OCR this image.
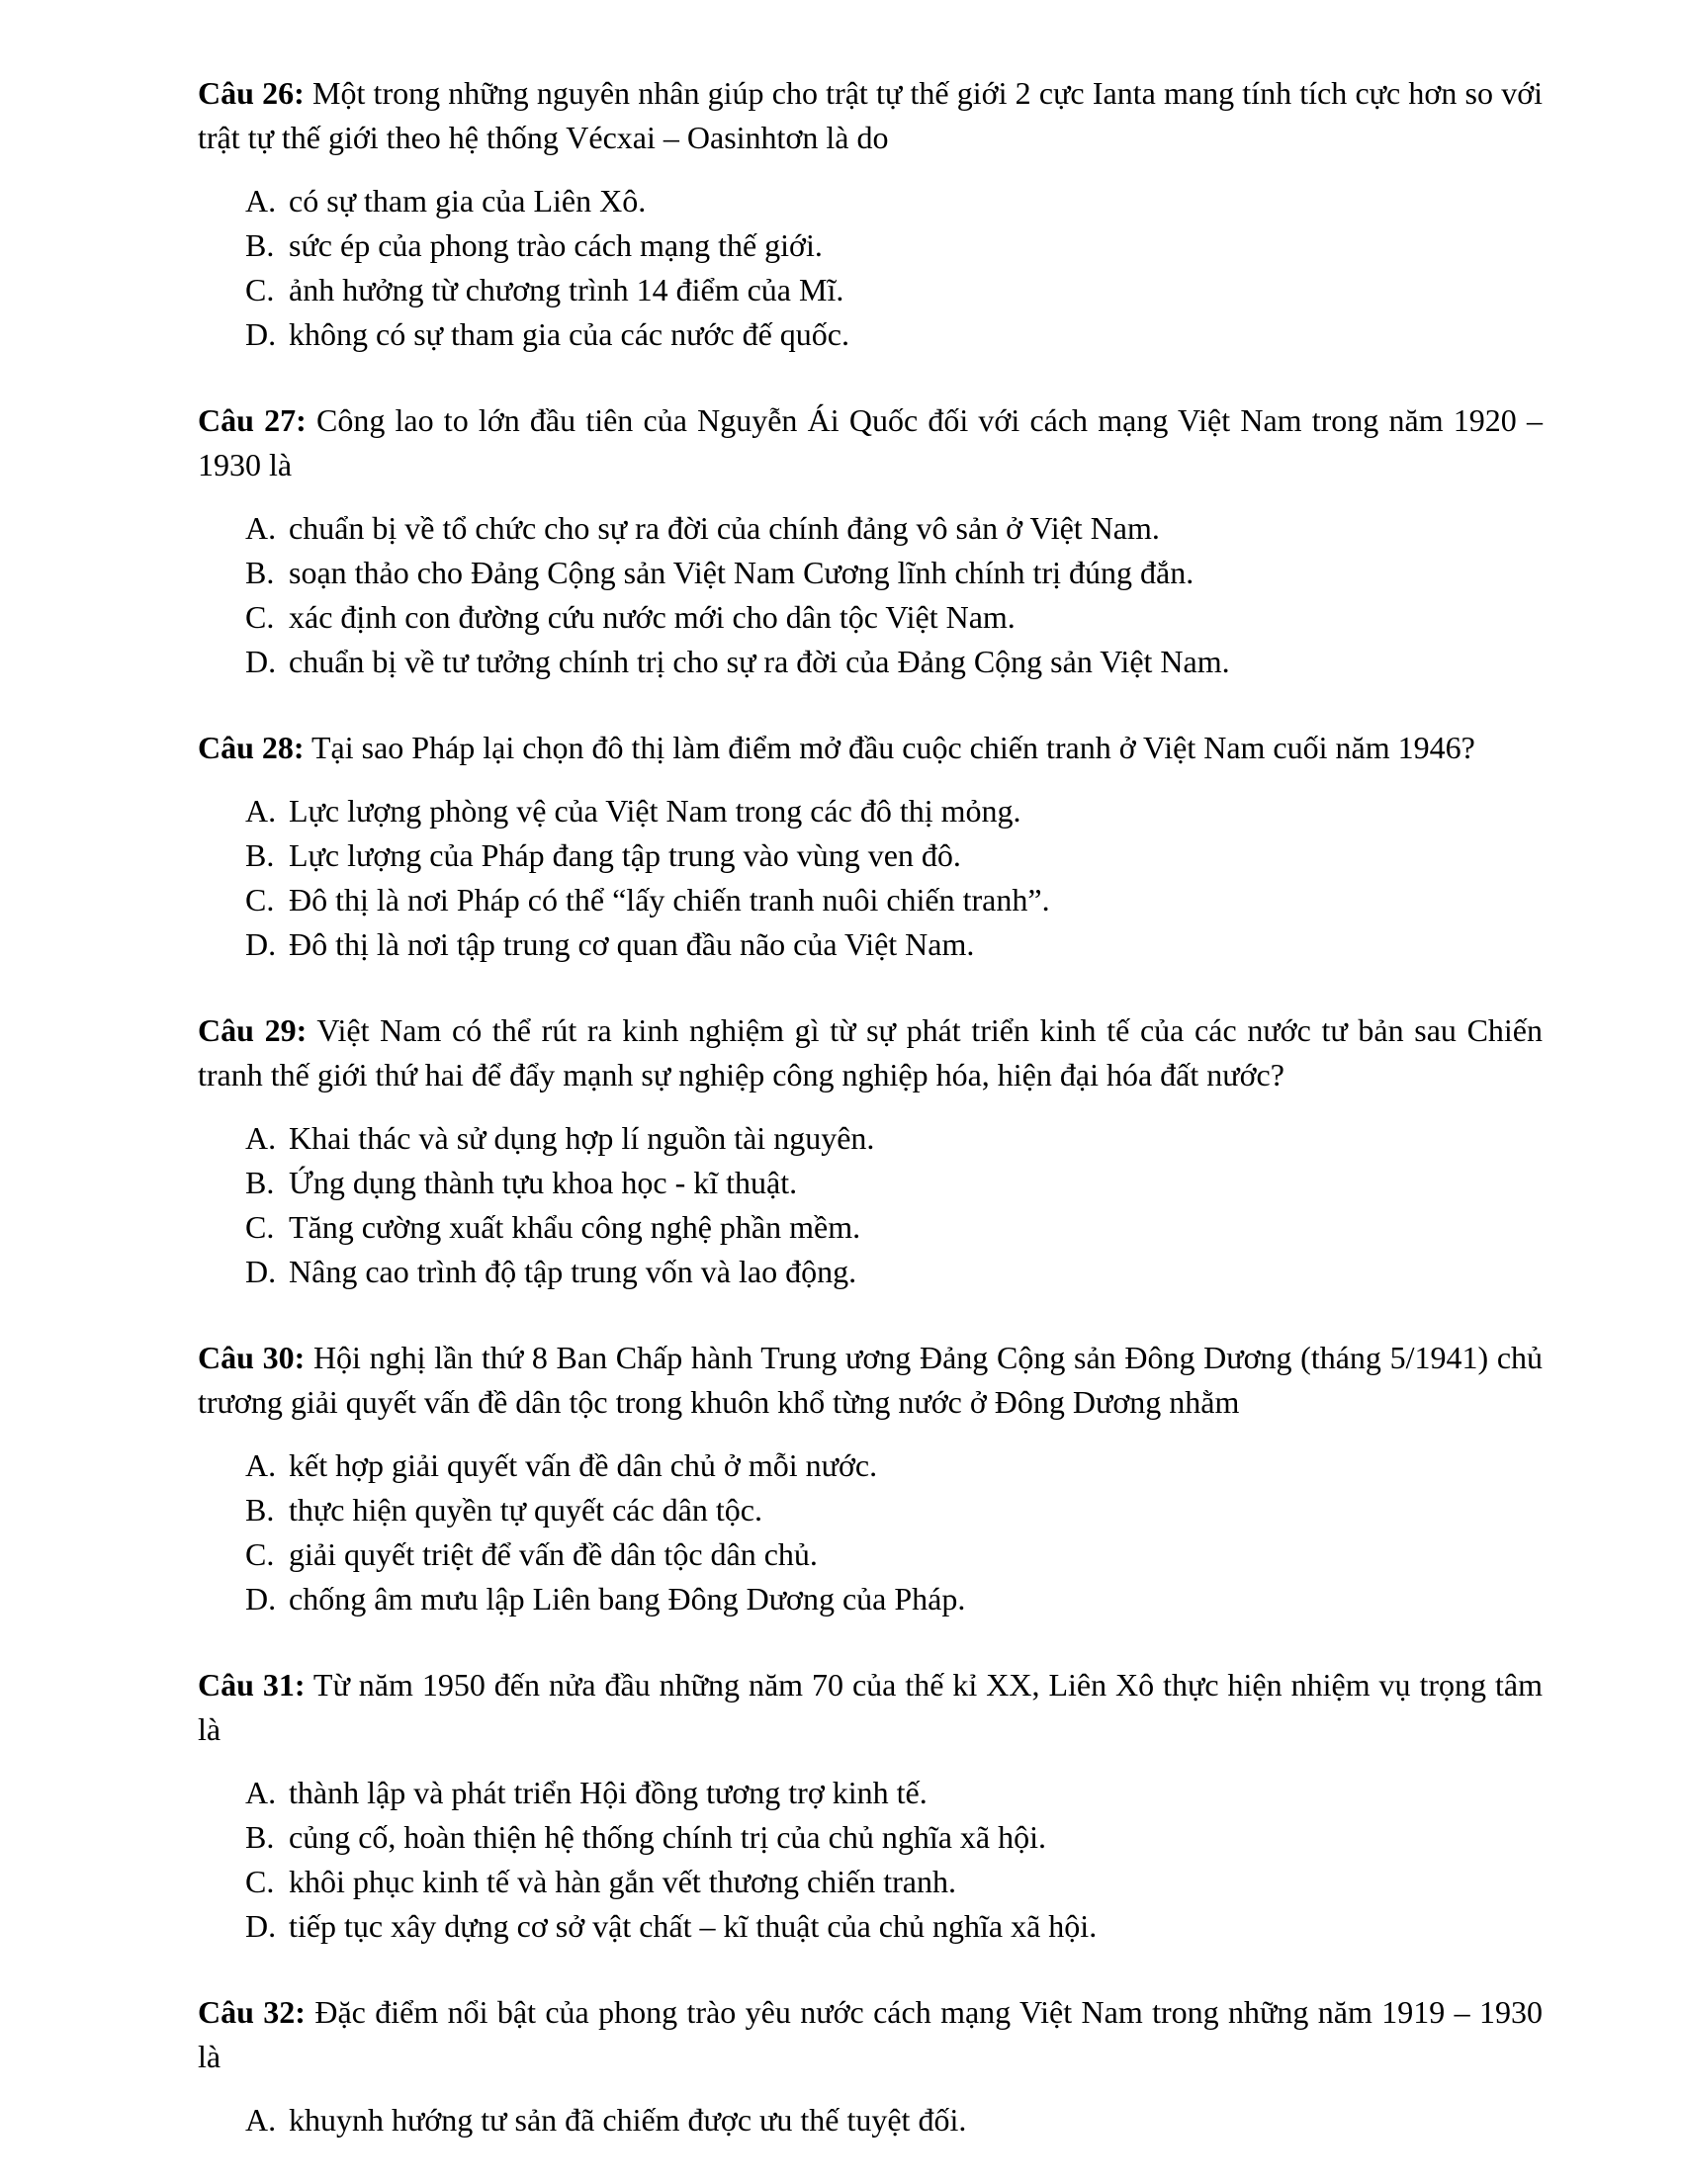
Câu 26: Một trong những nguyên nhân giúp cho trật tự thế giới 2 cực Ianta mang tính tích cực hơn so với trật tự thế giới theo hệ thống Vécxai – Oasinhtơn là do

A. có sự tham gia của Liên Xô.
B. sức ép của phong trào cách mạng thế giới.
C. ảnh hưởng từ chương trình 14 điểm của Mĩ.
D. không có sự tham gia của các nước đế quốc.

Câu 27: Công lao to lớn đầu tiên của Nguyễn Ái Quốc đối với cách mạng Việt Nam trong năm 1920 – 1930 là

A. chuẩn bị về tổ chức cho sự ra đời của chính đảng vô sản ở Việt Nam.
B. soạn thảo cho Đảng Cộng sản Việt Nam Cương lĩnh chính trị đúng đắn.
C. xác định con đường cứu nước mới cho dân tộc Việt Nam.
D. chuẩn bị về tư tưởng chính trị cho sự ra đời của Đảng Cộng sản Việt Nam.

Câu 28: Tại sao Pháp lại chọn đô thị làm điểm mở đầu cuộc chiến tranh ở Việt Nam cuối năm 1946?

A. Lực lượng phòng vệ của Việt Nam trong các đô thị mỏng.
B. Lực lượng của Pháp đang tập trung vào vùng ven đô.
C. Đô thị là nơi Pháp có thể “lấy chiến tranh nuôi chiến tranh”.
D. Đô thị là nơi tập trung cơ quan đầu não của Việt Nam.

Câu 29: Việt Nam có thể rút ra kinh nghiệm gì từ sự phát triển kinh tế của các nước tư bản sau Chiến tranh thế giới thứ hai để đẩy mạnh sự nghiệp công nghiệp hóa, hiện đại hóa đất nước?

A. Khai thác và sử dụng hợp lí nguồn tài nguyên.
B. Ứng dụng thành tựu khoa học - kĩ thuật.
C. Tăng cường xuất khẩu công nghệ phần mềm.
D. Nâng cao trình độ tập trung vốn và lao động.

Câu 30: Hội nghị lần thứ 8 Ban Chấp hành Trung ương Đảng Cộng sản Đông Dương (tháng 5/1941) chủ trương giải quyết vấn đề dân tộc trong khuôn khổ từng nước ở Đông Dương nhằm

A. kết hợp giải quyết vấn đề dân chủ ở mỗi nước.
B. thực hiện quyền tự quyết các dân tộc.
C. giải quyết triệt để vấn đề dân tộc dân chủ.
D. chống âm mưu lập Liên bang Đông Dương của Pháp.

Câu 31: Từ năm 1950 đến nửa đầu những năm 70 của thế kỉ XX, Liên Xô thực hiện nhiệm vụ trọng tâm là

A. thành lập và phát triển Hội đồng tương trợ kinh tế.
B. củng cố, hoàn thiện hệ thống chính trị của chủ nghĩa xã hội.
C. khôi phục kinh tế và hàn gắn vết thương chiến tranh.
D. tiếp tục xây dựng cơ sở vật chất – kĩ thuật của chủ nghĩa xã hội.

Câu 32: Đặc điểm nổi bật của phong trào yêu nước cách mạng Việt Nam trong những năm 1919 – 1930 là

A. khuynh hướng tư sản đã chiếm được ưu thế tuyệt đối.
